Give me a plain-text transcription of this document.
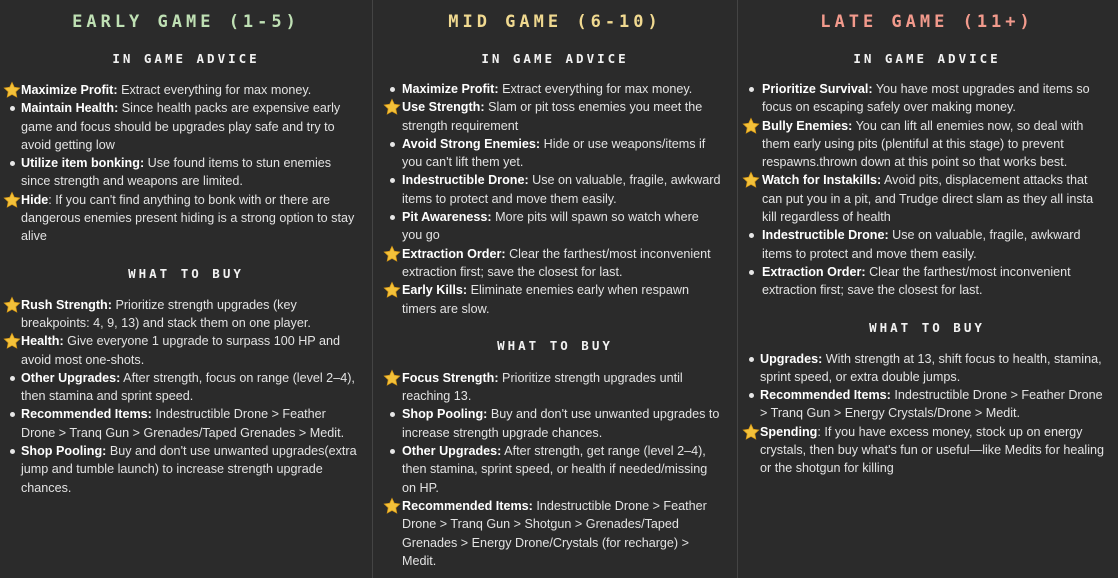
EARLY GAME (1-5)
IN GAME ADVICE
Maximize Profit: Extract everything for max money.
Maintain Health: Since health packs are expensive early game and focus should be upgrades play safe and try to avoid getting low
Utilize item bonking: Use found items to stun enemies since strength and weapons are limited.
Hide: If you can't find anything to bonk with or there are dangerous enemies present hiding is a strong option to stay alive
WHAT TO BUY
Rush Strength: Prioritize strength upgrades (key breakpoints: 4, 9, 13) and stack them on one player.
Health: Give everyone 1 upgrade to surpass 100 HP and avoid most one-shots.
Other Upgrades: After strength, focus on range (level 2–4), then stamina and sprint speed.
Recommended Items: Indestructible Drone > Feather Drone > Tranq Gun > Grenades/Taped Grenades > Medit.
Shop Pooling: Buy and don't use unwanted upgrades(extra jump and tumble launch) to increase strength upgrade chances.
MID GAME (6-10)
IN GAME ADVICE
Maximize Profit: Extract everything for max money.
Use Strength: Slam or pit toss enemies you meet the strength requirement
Avoid Strong Enemies: Hide or use weapons/items if you can't lift them yet.
Indestructible Drone: Use on valuable, fragile, awkward items to protect and move them easily.
Pit Awareness: More pits will spawn so watch where you go
Extraction Order: Clear the farthest/most inconvenient extraction first; save the closest for last.
Early Kills: Eliminate enemies early when respawn timers are slow.
WHAT TO BUY
Focus Strength: Prioritize strength upgrades until reaching 13.
Shop Pooling: Buy and don't use unwanted upgrades to increase strength upgrade chances.
Other Upgrades: After strength, get range (level 2–4), then stamina, sprint speed, or health if needed/missing on HP.
Recommended Items: Indestructible Drone > Feather Drone > Tranq Gun > Shotgun > Grenades/Taped Grenades > Energy Drone/Crystals (for recharge) > Medit.
LATE GAME (11+)
IN GAME ADVICE
Prioritize Survival: You have most upgrades and items so focus on escaping safely over making money.
Bully Enemies: You can lift all enemies now, so deal with them early using pits (plentiful at this stage) to prevent respawns.thrown down at this point so that works best.
Watch for Instakills: Avoid pits, displacement attacks that can put you in a pit, and Trudge direct slam as they all insta kill regardless of health
Indestructible Drone: Use on valuable, fragile, awkward items to protect and move them easily.
Extraction Order: Clear the farthest/most inconvenient extraction first; save the closest for last.
WHAT TO BUY
Upgrades: With strength at 13, shift focus to health, stamina, sprint speed, or extra double jumps.
Recommended Items: Indestructible Drone > Feather Drone > Tranq Gun > Energy Crystals/Drone > Medit.
Spending: If you have excess money, stock up on energy crystals, then buy what's fun or useful—like Medits for healing or the shotgun for killing
